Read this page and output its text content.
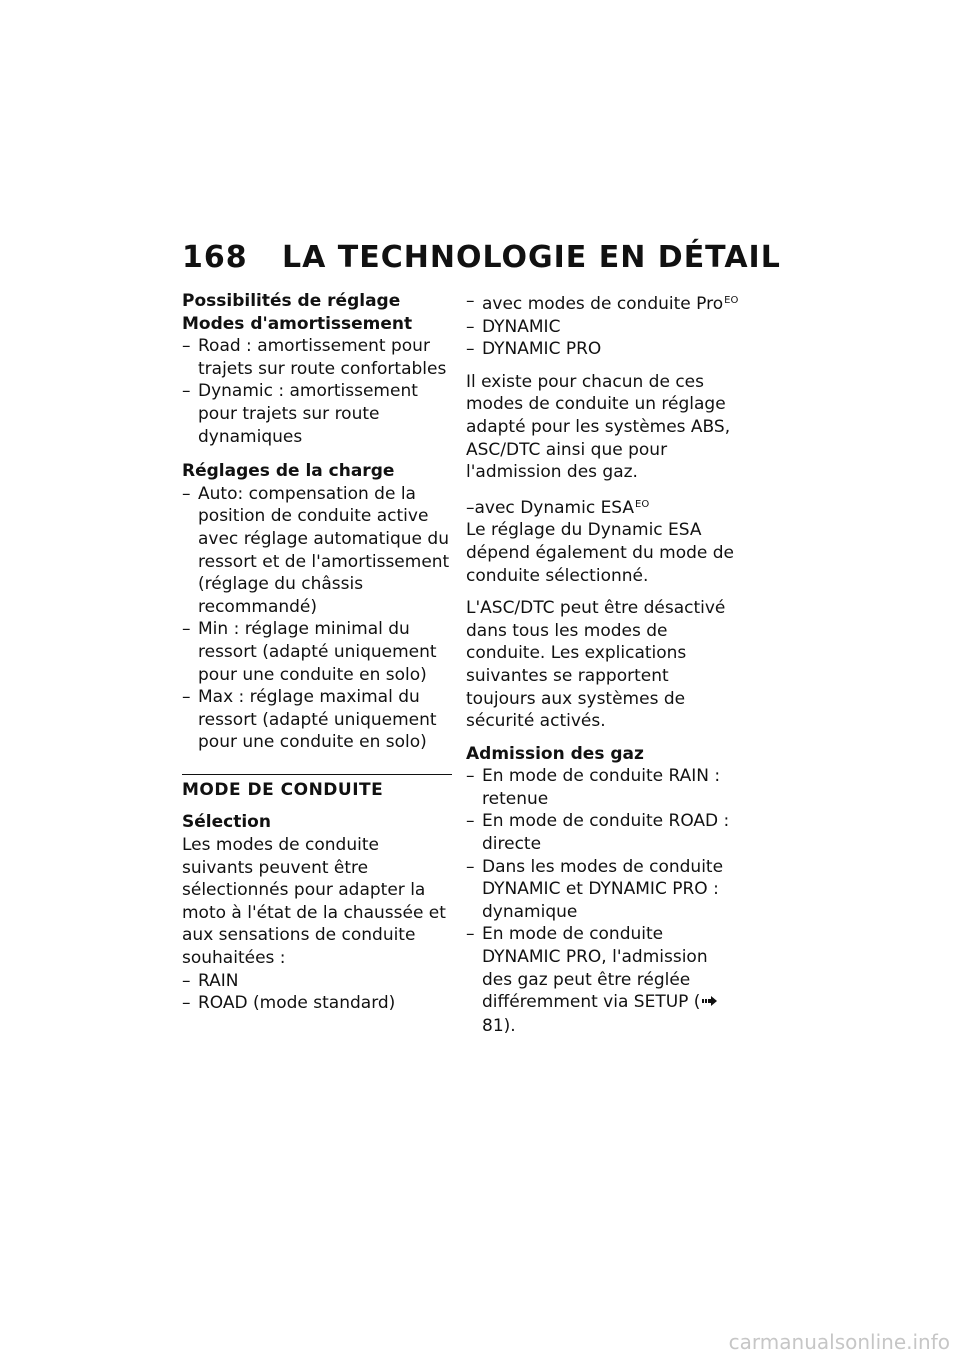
168 LA TECHNOLOGIE EN DÉTAIL

Possibilités de réglage

Modes d'amortissement

– Road : amortissement pour trajets sur route confortables

– Dynamic : amortissement pour trajets sur route dynamiques

Réglages de la charge

– Auto: compensation de la position de conduite active avec réglage automatique du ressort et de l'amortissement (réglage du châssis recommandé)

– Min : réglage minimal du ressort (adapté uniquement pour une conduite en solo)

– Max : réglage maximal du ressort (adapté uniquement pour une conduite en solo)

MODE DE CONDUITE

Sélection

Les modes de conduite suivants peuvent être sélectionnés pour adapter la moto à l'état de la chaussée et aux sensations de conduite souhaitées :

– RAIN

– ROAD (mode standard)

– avec modes de conduite Pro$^{EO}$

– DYNAMIC

– DYNAMIC PRO

Il existe pour chacun de ces modes de conduite un réglage adapté pour les systèmes ABS, ASC/DTC ainsi que pour l'admission des gaz.

–avec Dynamic $ESA^{EO}$

Le réglage du Dynamic ESA dépend également du mode de conduite sélectionné.

L'ASC/DTC peut être désactivé dans tous les modes de conduite. Les explications suivantes se rapportent toujours aux systèmes de sécurité activés.

Admission des gaz

– En mode de conduite RAIN : retenue

– En mode de conduite ROAD : directe

– Dans les modes de conduite DYNAMIC et DYNAMIC PRO : dynamique

– En mode de conduite DYNAMIC PRO, l'admission des gaz peut être réglée différemment via SETUP (81).

carmanualsonline.info
